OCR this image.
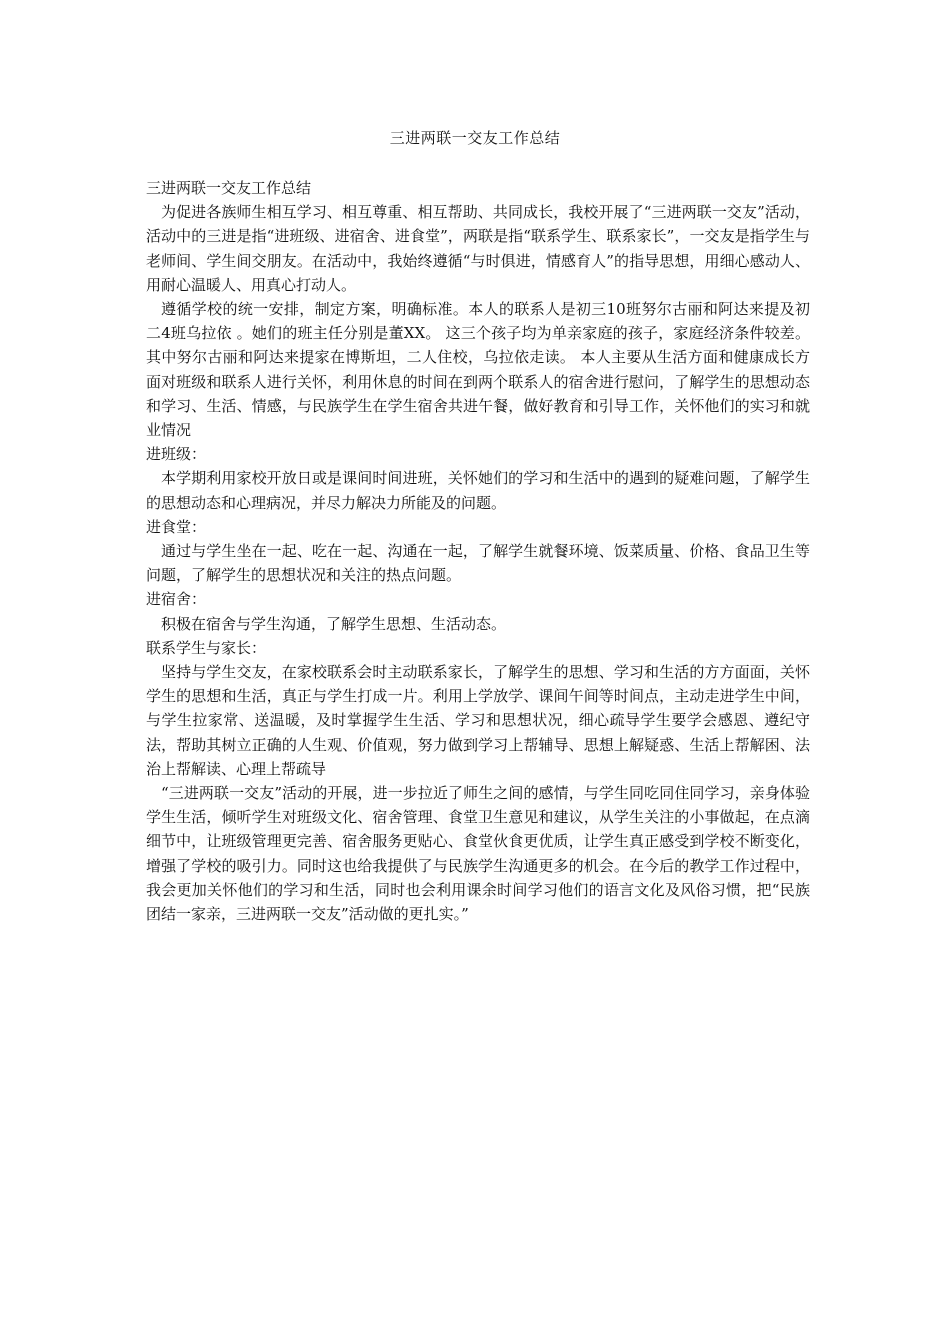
三进两联一交友工作总结

三进两联一交友工作总结

为促进各族师生相互学习、相互尊重、相互帮助、共同成长，我校开展了“三进两联一交友”活动，活动中的三进是指“进班级、进宿舍、进食堂”，两联是指“联系学生、联系家长”，一交友是指学生与老师间、学生间交朋友。在活动中，我始终遵循“与时俱进，情感育人”的指导思想，用细心感动人、用耐心温暖人、用真心打动人。

遵循学校的统一安排，制定方案，明确标准。本人的联系人是初三10班努尔古丽和阿达来提及初二4班乌拉依 。她们的班主任分别是董XX。 这三个孩子均为单亲家庭的孩子，家庭经济条件较差。其中努尔古丽和阿达来提家在博斯坦，二人住校，乌拉依走读。 本人主要从生活方面和健康成长方面对班级和联系人进行关怀，利用休息的时间在到两个联系人的宿舍进行慰问，了解学生的思想动态和学习、生活、情感，与民族学生在学生宿舍共进午餐，做好教育和引导工作，关怀他们的实习和就业情况

进班级：

本学期利用家校开放日或是课间时间进班，关怀她们的学习和生活中的遇到的疑难问题，了解学生的思想动态和心理病况，并尽力解决力所能及的问题。

进食堂：

通过与学生坐在一起、吃在一起、沟通在一起，了解学生就餐环境、饭菜质量、价格、食品卫生等问题，了解学生的思想状况和关注的热点问题。

进宿舍：

积极在宿舍与学生沟通，了解学生思想、生活动态。

联系学生与家长：

坚持与学生交友，在家校联系会时主动联系家长，了解学生的思想、学习和生活的方方面面，关怀学生的思想和生活，真正与学生打成一片。利用上学放学、课间午间等时间点，主动走进学生中间，与学生拉家常、送温暖，及时掌握学生生活、学习和思想状况，细心疏导学生要学会感恩、遵纪守法，帮助其树立正确的人生观、价值观，努力做到学习上帮辅导、思想上解疑惑、生活上帮解困、法治上帮解读、心理上帮疏导

“三进两联一交友”活动的开展，进一步拉近了师生之间的感情，与学生同吃同住同学习，亲身体验学生生活，倾听学生对班级文化、宿舍管理、食堂卫生意见和建议，从学生关注的小事做起，在点滴细节中，让班级管理更完善、宿舍服务更贴心、食堂伙食更优质，让学生真正感受到学校不断变化，增强了学校的吸引力。同时这也给我提供了与民族学生沟通更多的机会。在今后的教学工作过程中，我会更加关怀他们的学习和生活，同时也会利用课余时间学习他们的语言文化及风俗习惯，把“民族团结一家亲，三进两联一交友”活动做的更扎实。”
